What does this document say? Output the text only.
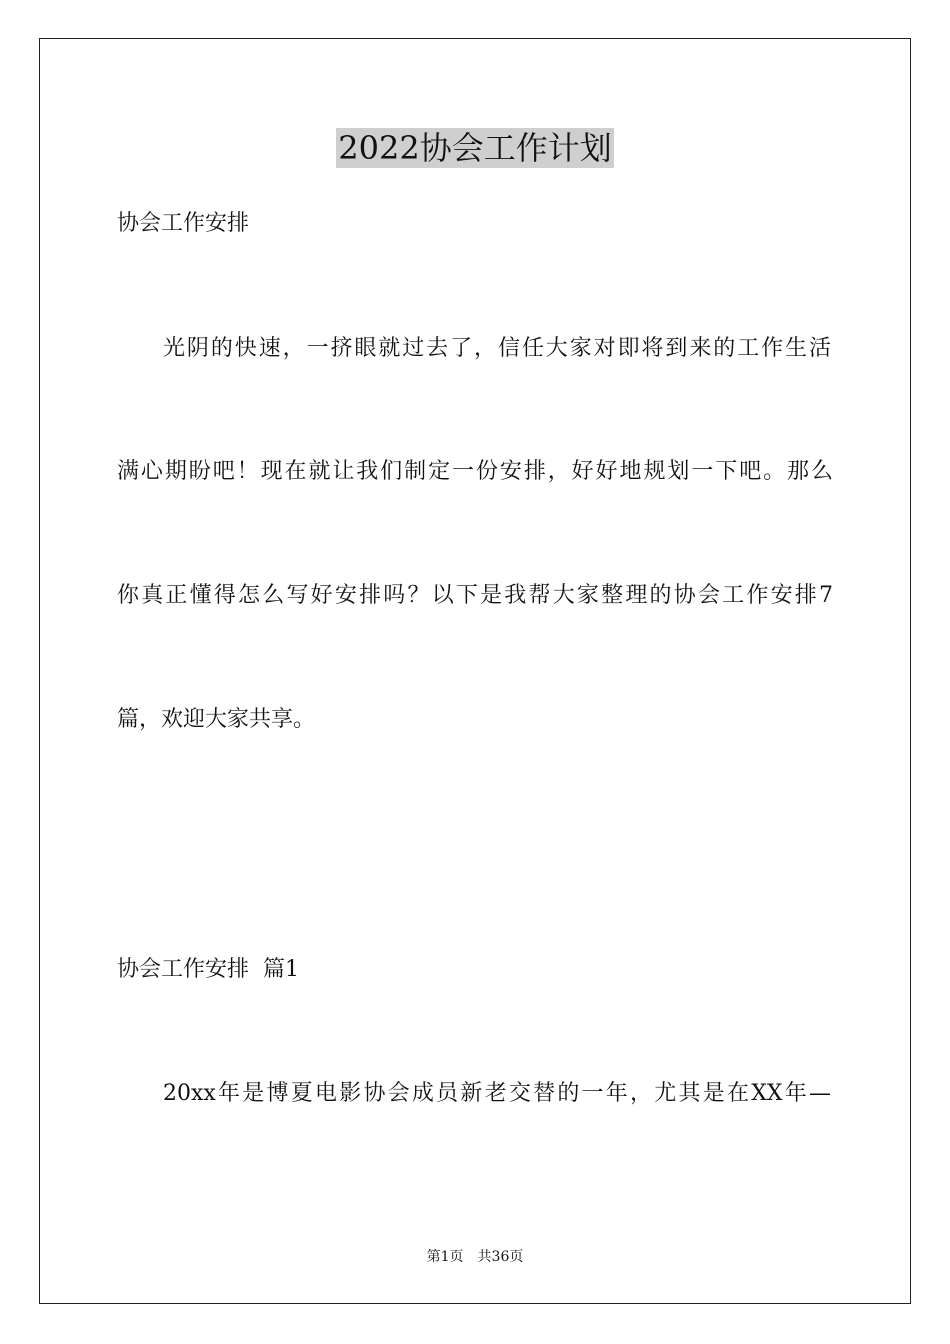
2022协会工作计划

协会工作安排

光阴的快速，一挤眼就过去了，信任大家对即将到来的工作生活

满心期盼吧！现在就让我们制定一份安排，好好地规划一下吧。那么

你真正懂得怎么写好安排吗？以下是我帮大家整理的协会工作安排7

篇，欢迎大家共享。

协会工作安排  篇1

20xx年是博夏电影协会成员新老交替的一年，尤其是在XX年—

第1页 共36页
